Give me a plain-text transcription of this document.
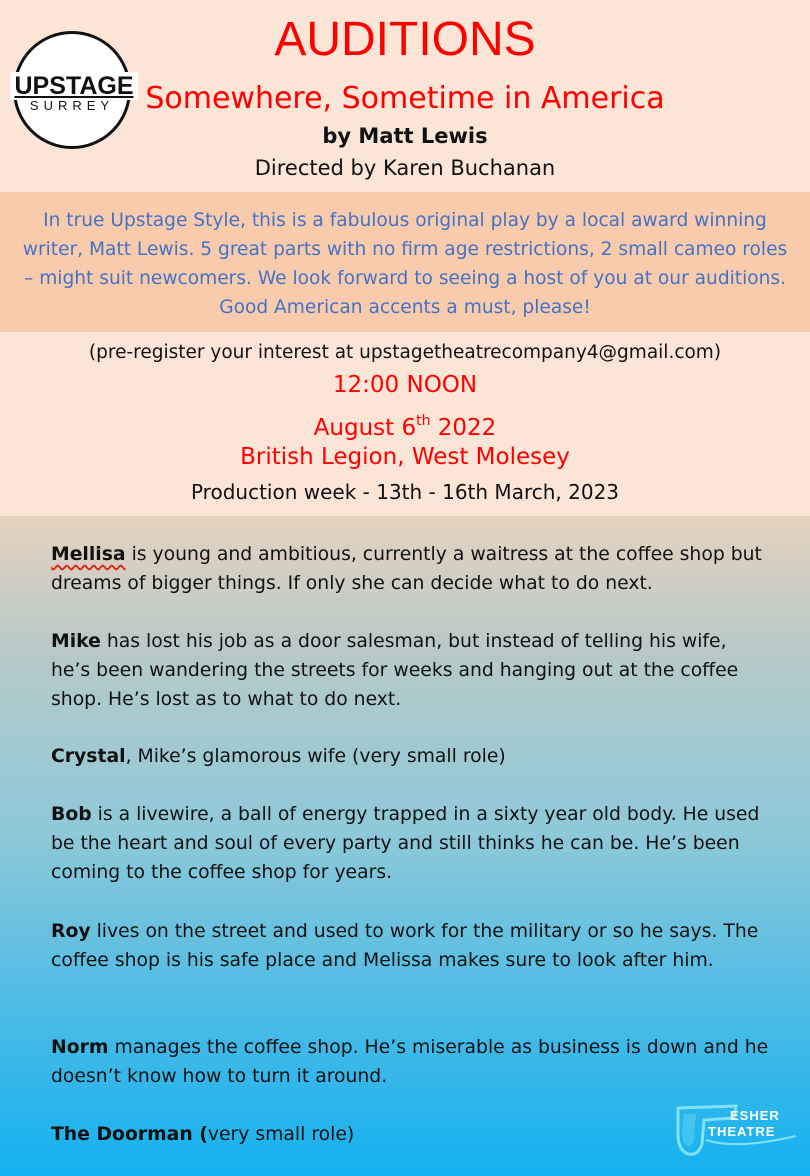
UPSTAGE
SURREY
AUDITIONS
Somewhere, Sometime in America
by Matt Lewis
Directed by Karen Buchanan

In true Upstage Style, this is a fabulous original play by a local award winning writer, Matt Lewis. 5 great parts with no firm age restrictions, 2 small cameo roles – might suit newcomers. We look forward to seeing a host of you at our auditions. Good American accents a must, please!

(pre-register your interest at upstagetheatrecompany4@gmail.com)
12:00 NOON
August 6th 2022
British Legion, West Molesey
Production week - 13th - 16th March, 2023

Mellisa is young and ambitious, currently a waitress at the coffee shop but dreams of bigger things. If only she can decide what to do next.

Mike has lost his job as a door salesman, but instead of telling his wife, he’s been wandering the streets for weeks and hanging out at the coffee shop. He’s lost as to what to do next.

Crystal, Mike’s glamorous wife (very small role)

Bob is a livewire, a ball of energy trapped in a sixty year old body. He used be the heart and soul of every party and still thinks he can be. He’s been coming to the coffee shop for years.

Roy lives on the street and used to work for the military or so he says. The coffee shop is his safe place and Melissa makes sure to look after him.

Norm manages the coffee shop. He’s miserable as business is down and he doesn’t know how to turn it around.

The Doorman (very small role)

ESHER
THEATRE
